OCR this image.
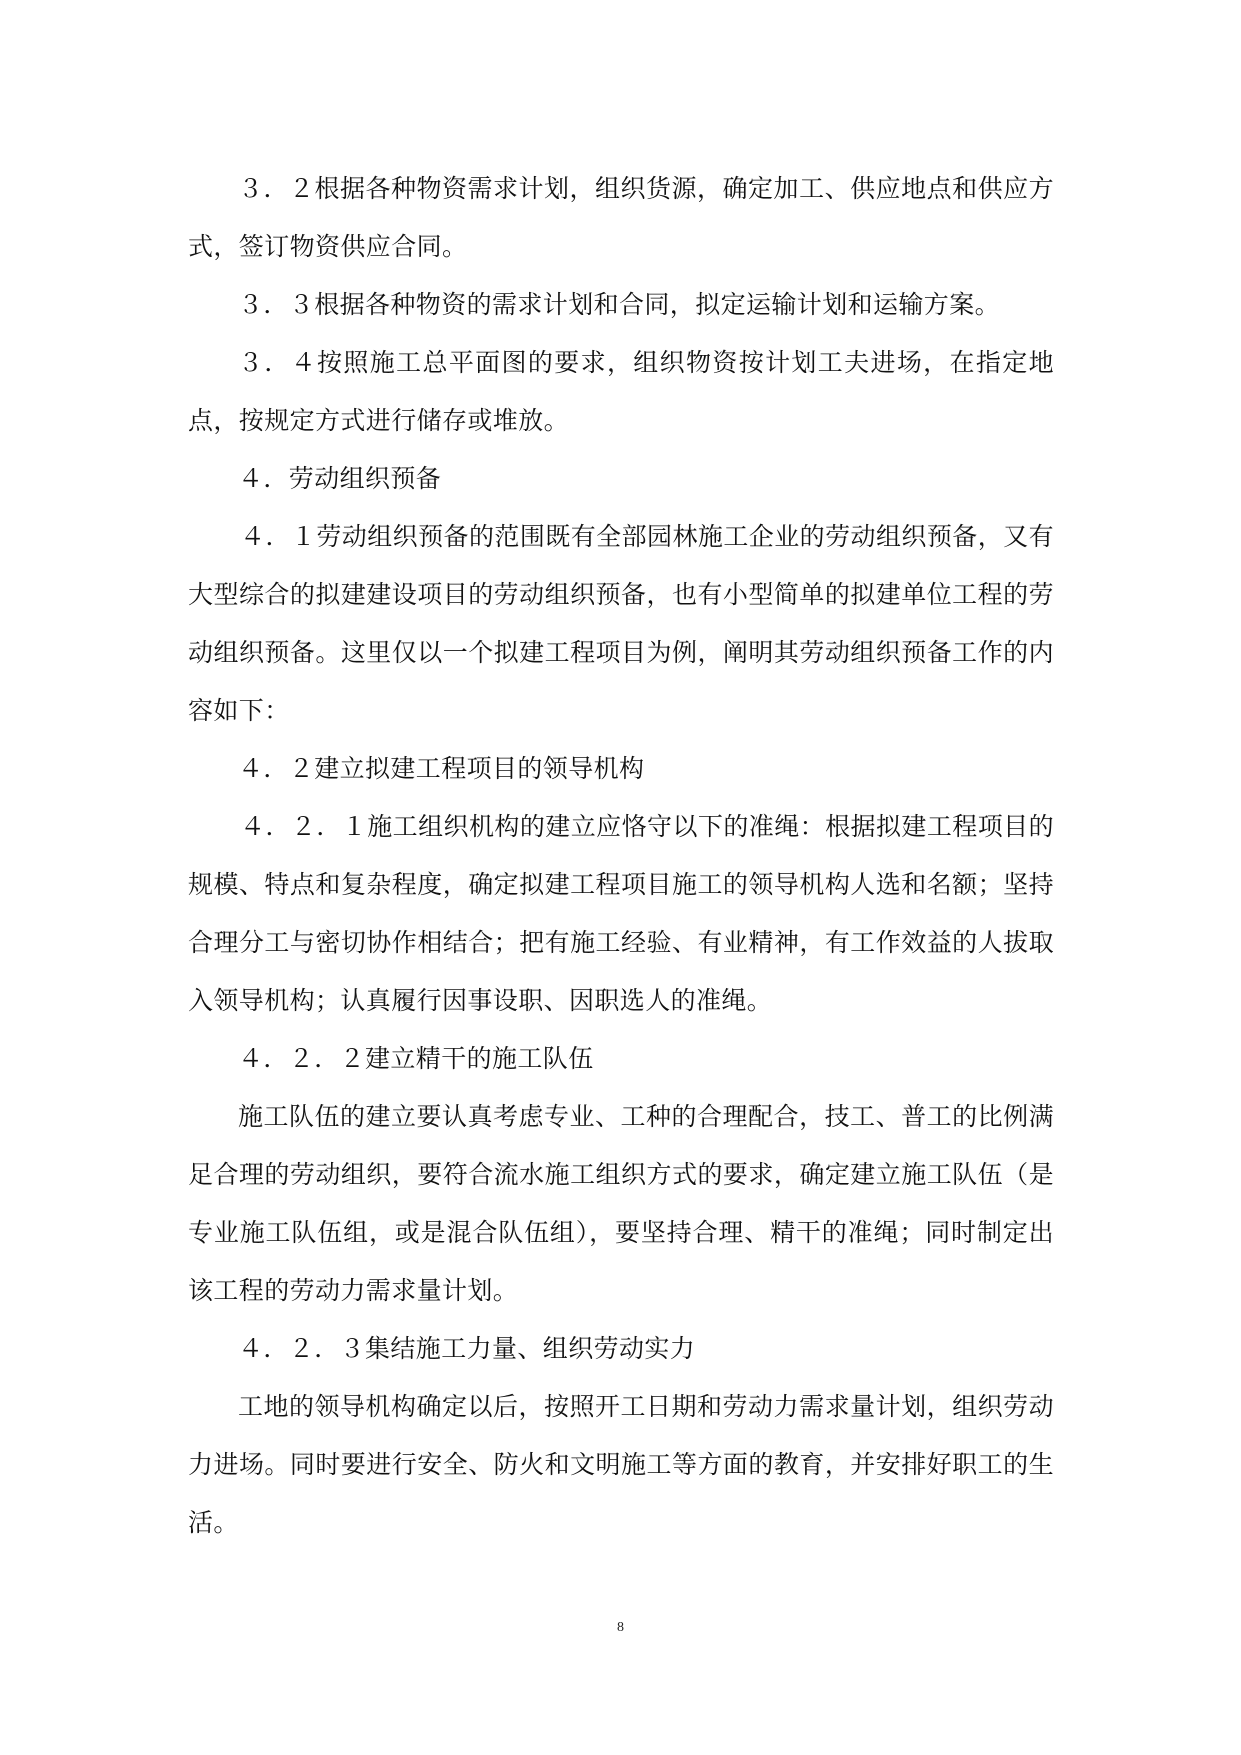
３．２根据各种物资需求计划，组织货源，确定加工、供应地点和供应方式，签订物资供应合同。

３．３根据各种物资的需求计划和合同，拟定运输计划和运输方案。

３．４按照施工总平面图的要求，组织物资按计划工夫进场，在指定地点，按规定方式进行储存或堆放。

４．劳动组织预备

４．１劳动组织预备的范围既有全部园林施工企业的劳动组织预备，又有大型综合的拟建建设项目的劳动组织预备，也有小型简单的拟建单位工程的劳动组织预备。这里仅以一个拟建工程项目为例，阐明其劳动组织预备工作的内容如下：

４．２建立拟建工程项目的领导机构

４．２．１施工组织机构的建立应恪守以下的准绳：根据拟建工程项目的规模、特点和复杂程度，确定拟建工程项目施工的领导机构人选和名额；坚持合理分工与密切协作相结合；把有施工经验、有业精神，有工作效益的人拔取入领导机构；认真履行因事设职、因职选人的准绳。

４．２．２建立精干的施工队伍

施工队伍的建立要认真考虑专业、工种的合理配合，技工、普工的比例满足合理的劳动组织，要符合流水施工组织方式的要求，确定建立施工队伍（是专业施工队伍组，或是混合队伍组），要坚持合理、精干的准绳；同时制定出该工程的劳动力需求量计划。

４．２．３集结施工力量、组织劳动实力

工地的领导机构确定以后，按照开工日期和劳动力需求量计划，组织劳动力进场。同时要进行安全、防火和文明施工等方面的教育，并安排好职工的生活。

8
